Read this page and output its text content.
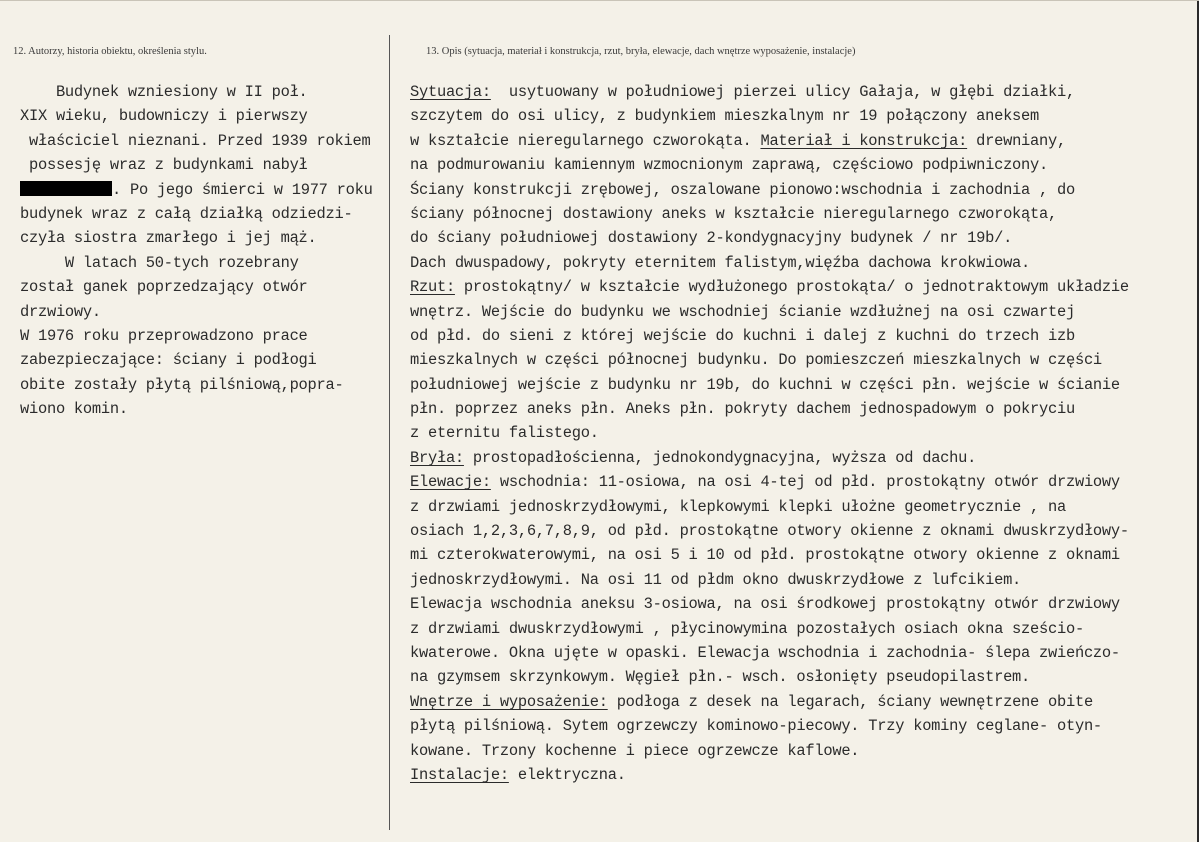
12. Autorzy, historia obiektu, określenia stylu.	13. Opis (sytuacja, materiał i konstrukcja, rzut, bryła, elewacje, dach wnętrze wyposażenie, instalacje)
Budynek wzniesiony w II poł.
XIX wieku, budowniczy i pierwszy
właściciel nieznani. Przed 1939 rokiem
possesję wraz z budynkami nabył
. Po jego śmierci w 1977 roku
budynek wraz z całą działką odziedzi-
czyła siostra zmarłego i jej mąż.
W latach 50-tych rozebrany
został ganek poprzedzający otwór
drzwiowy.
W 1976 roku przeprowadzono prace
zabezpieczające: ściany i podłogi
obite zostały płytą pilśniową,popra-
wiono komin.
Sytuacja:  usytuowany w południowej pierzei ulicy Gałaja, w głębi działki,
szczytem do osi ulicy, z budynkiem mieszkalnym nr 19 połączony aneksem
w kształcie nieregularnego czworokąta. Materiał i konstrukcja: drewniany,
na podmurowaniu kamiennym wzmocnionym zaprawą, częściowo podpiwniczony.
Ściany konstrukcji zrębowej, oszalowane pionowo:wschodnia i zachodnia , do
ściany północnej dostawiony aneks w kształcie nieregularnego czworokąta,
do ściany południowej dostawiony 2-kondygnacyjny budynek / nr 19b/.
Dach dwuspadowy, pokryty eternitem falistym,więźba dachowa krokwiowa.
Rzut: prostokątny/ w kształcie wydłużonego prostokąta/ o jednotraktowym układzie
wnętrz. Wejście do budynku we wschodniej ścianie wzdłużnej na osi czwartej
od płd. do sieni z której wejście do kuchni i dalej z kuchni do trzech izb
mieszkalnych w części północnej budynku. Do pomieszczeń mieszkalnych w części
południowej wejście z budynku nr 19b, do kuchni w części płn. wejście w ścianie
płn. poprzez aneks płn. Aneks płn. pokryty dachem jednospadowym o pokryciu
z eternitu falistego.
Bryła: prostopadłościenna, jednokondygnacyjna, wyższa od dachu.
Elewacje: wschodnia: 11-osiowa, na osi 4-tej od płd. prostokątny otwór drzwiowy
z drzwiami jednoskrzydłowymi, klepkowymi klepki ułożne geometrycznie , na
osiach 1,2,3,6,7,8,9, od płd. prostokątne otwory okienne z oknami dwuskrzydłowy-
mi czterokwaterowymi, na osi 5 i 10 od płd. prostokątne otwory okienne z oknami
jednoskrzydłowymi. Na osi 11 od płdm okno dwuskrzydłowe z lufcikiem.
Elewacja wschodnia aneksu 3-osiowa, na osi środkowej prostokątny otwór drzwiowy
z drzwiami dwuskrzydłowymi , płycinowymina pozostałych osiach okna sześcio-
kwaterowe. Okna ujęte w opaski. Elewacja wschodnia i zachodnia- ślepa zwieńczo-
na gzymsem skrzynkowym. Węgieł płn.- wsch. osłonięty pseudopilastrem.
Wnętrze i wyposażenie: podłoga z desek na legarach, ściany wewnętrzene obite
płytą pilśniową. Sytem ogrzewczy kominowo-piecowy. Trzy kominy ceglane- otyn-
kowane. Trzony kochenne i piece ogrzewcze kaflowe.
Instalacje: elektryczna.
